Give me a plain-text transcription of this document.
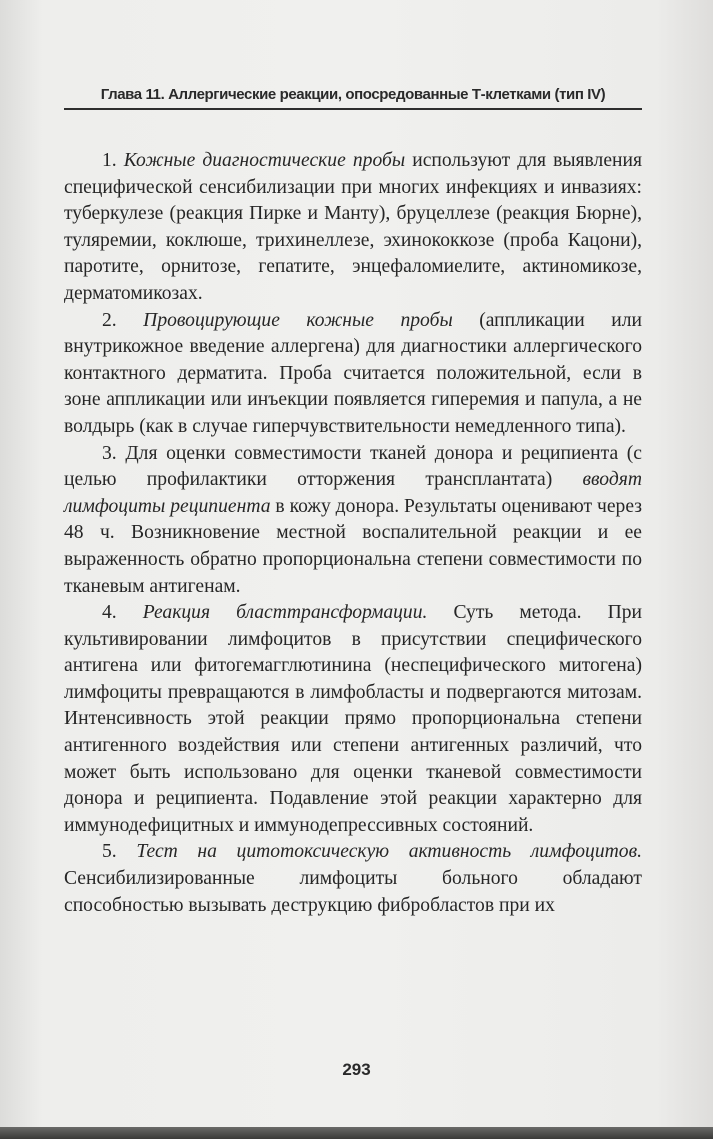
Глава 11. Аллергические реакции, опосредованные Т-клетками (тип IV)

1. Кожные диагностические пробы используют для выявления специфической сенсибилизации при многих инфекциях и инвазиях: туберкулезе (реакция Пирке и Манту), бруцеллезе (реакция Бюрне), туляремии, коклюше, трихинеллезе, эхинококкозе (проба Кацони), паротите, орнитозе, гепатите, энцефаломиелите, актиномикозе, дерматомикозах.

2. Провоцирующие кожные пробы (аппликации или внутрикожное введение аллергена) для диагностики аллергического контактного дерматита. Проба считается положительной, если в зоне аппликации или инъекции появляется гиперемия и папула, а не волдырь (как в случае гиперчувствительности немедленного типа).

3. Для оценки совместимости тканей донора и реципиента (с целью профилактики отторжения трансплантата) вводят лимфоциты реципиента в кожу донора. Результаты оценивают через 48 ч. Возникновение местной воспалительной реакции и ее выраженность обратно пропорциональна степени совместимости по тканевым антигенам.

4. Реакция бласттрансформации. Суть метода. При культивировании лимфоцитов в присутствии специфического антигена или фитогемагглютинина (неспецифического митогена) лимфоциты превращаются в лимфобласты и подвергаются митозам. Интенсивность этой реакции прямо пропорциональна степени антигенного воздействия или степени антигенных различий, что может быть использовано для оценки тканевой совместимости донора и реципиента. Подавление этой реакции характерно для иммунодефицитных и иммунодепрессивных состояний.

5. Тест на цитотоксическую активность лимфоцитов. Сенсибилизированные лимфоциты больного обладают способностью вызывать деструкцию фибробластов при их

293
